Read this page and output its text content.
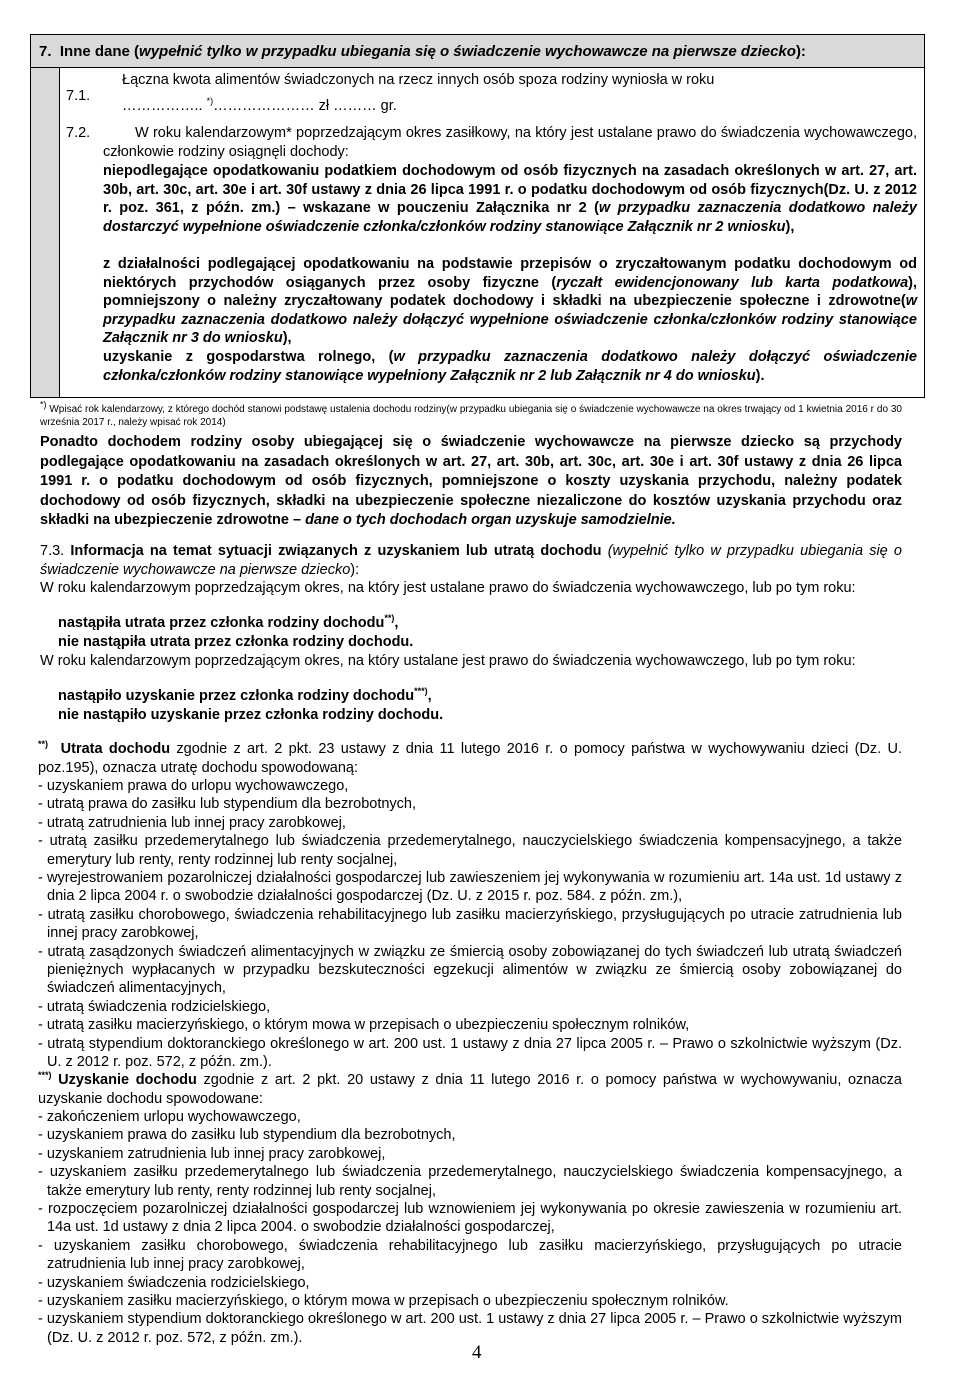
7. Inne dane (wypełnić tylko w przypadku ubiegania się o świadczenie wychowawcze na pierwsze dziecko):
7.1.
Łączna kwota alimentów świadczonych na rzecz innych osób spoza rodziny wyniosła w roku
…………….. *)………………… zł ……… gr.
7.2.	W roku kalendarzowym* poprzedzającym okres zasiłkowy, na który jest ustalane prawo do świadczenia wychowawczego, członkowie rodziny osiągnęli dochody:
niepodlegające opodatkowaniu podatkiem dochodowym od osób fizycznych na zasadach określonych w art. 27, art. 30b, art. 30c, art. 30e i art. 30f ustawy z dnia 26 lipca 1991 r. o podatku dochodowym od osób fizycznych(Dz. U. z 2012 r. poz. 361, z późn. zm.) – wskazane w pouczeniu Załącznika nr 2 (w przypadku zaznaczenia dodatkowo należy dostarczyć wypełnione oświadczenie członka/członków rodziny stanowiące Załącznik nr 2 wniosku),
z działalności podlegającej opodatkowaniu na podstawie przepisów o zryczałtowanym podatku dochodowym od niektórych przychodów osiąganych przez osoby fizyczne (ryczałt ewidencjonowany lub karta podatkowa), pomniejszony o należny zryczałtowany podatek dochodowy i składki na ubezpieczenie społeczne i zdrowotne(w przypadku zaznaczenia dodatkowo należy dołączyć wypełnione oświadczenie członka/członków rodziny stanowiące Załącznik nr 3 do wniosku),
uzyskanie z gospodarstwa rolnego, (w przypadku zaznaczenia dodatkowo należy dołączyć oświadczenie członka/członków rodziny stanowiące wypełniony Załącznik nr 2 lub Załącznik nr 4 do wniosku).
*) Wpisać rok kalendarzowy, z którego dochód stanowi podstawę ustalenia dochodu rodziny(w przypadku ubiegania się o świadczenie wychowawcze na okres trwający od 1 kwietnia 2016 r do 30 września 2017 r., należy wpisać rok 2014)
Ponadto dochodem rodziny osoby ubiegającej się o świadczenie wychowawcze na pierwsze dziecko są przychody podlegające opodatkowaniu na zasadach określonych w art. 27, art. 30b, art. 30c, art. 30e i art. 30f ustawy z dnia 26 lipca 1991 r. o podatku dochodowym od osób fizycznych, pomniejszone o koszty uzyskania przychodu, należny podatek dochodowy od osób fizycznych, składki na ubezpieczenie społeczne niezaliczone do kosztów uzyskania przychodu oraz składki na ubezpieczenie zdrowotne – dane o tych dochodach organ uzyskuje samodzielnie.
7.3. Informacja na temat sytuacji związanych z uzyskaniem lub utratą dochodu (wypełnić tylko w przypadku ubiegania się o świadczenie wychowawcze na pierwsze dziecko):
W roku kalendarzowym poprzedzającym okres, na który jest ustalane prawo do świadczenia wychowawczego, lub po tym roku:
nastąpiła utrata przez członka rodziny dochodu**),
nie nastąpiła utrata przez członka rodziny dochodu.
W roku kalendarzowym poprzedzającym okres, na który ustalane jest prawo do świadczenia wychowawczego, lub po tym roku:
nastąpiło uzyskanie przez członka rodziny dochodu***),
nie nastąpiło uzyskanie przez członka rodziny dochodu.
**) Utrata dochodu zgodnie z art. 2 pkt. 23 ustawy z dnia 11 lutego 2016 r. o pomocy państwa w wychowywaniu dzieci (Dz. U. poz.195), oznacza utratę dochodu spowodowaną:
- uzyskaniem prawa do urlopu wychowawczego,
- utratą prawa do zasiłku lub stypendium dla bezrobotnych,
- utratą zatrudnienia lub innej pracy zarobkowej,
- utratą zasiłku przedemerytalnego lub świadczenia przedemerytalnego, nauczycielskiego świadczenia kompensacyjnego, a także emerytury lub renty, renty rodzinnej lub renty socjalnej,
- wyrejestrowaniem pozarolniczej działalności gospodarczej lub zawieszeniem jej wykonywania w rozumieniu art. 14a ust. 1d ustawy z dnia 2 lipca 2004 r. o swobodzie działalności gospodarczej (Dz. U. z 2015 r. poz. 584. z późn. zm.),
- utratą zasiłku chorobowego, świadczenia rehabilitacyjnego lub zasiłku macierzyńskiego, przysługujących po utracie zatrudnienia lub innej pracy zarobkowej,
- utratą zasądzonych świadczeń alimentacyjnych w związku ze śmiercią osoby zobowiązanej do tych świadczeń lub utratą świadczeń pieniężnych wypłacanych w przypadku bezskuteczności egzekucji alimentów w związku ze śmiercią osoby zobowiązanej do świadczeń alimentacyjnych,
- utratą świadczenia rodzicielskiego,
- utratą zasiłku macierzyńskiego, o którym mowa w przepisach o ubezpieczeniu społecznym rolników,
- utratą stypendium doktoranckiego określonego w art. 200 ust. 1 ustawy z dnia 27 lipca 2005 r. – Prawo o szkolnictwie wyższym (Dz. U. z 2012 r. poz. 572, z późn. zm.).
***) Uzyskanie dochodu zgodnie z art. 2 pkt. 20 ustawy z dnia 11 lutego 2016 r. o pomocy państwa w wychowywaniu, oznacza uzyskanie dochodu spowodowane:
- zakończeniem urlopu wychowawczego,
- uzyskaniem prawa do zasiłku lub stypendium dla bezrobotnych,
- uzyskaniem zatrudnienia lub innej pracy zarobkowej,
- uzyskaniem zasiłku przedemerytalnego lub świadczenia przedemerytalnego, nauczycielskiego świadczenia kompensacyjnego, a także emerytury lub renty, renty rodzinnej lub renty socjalnej,
- rozpoczęciem pozarolniczej działalności gospodarczej lub wznowieniem jej wykonywania po okresie zawieszenia w rozumieniu art. 14a ust. 1d ustawy z dnia 2 lipca 2004. o swobodzie działalności gospodarczej,
- uzyskaniem zasiłku chorobowego, świadczenia rehabilitacyjnego lub zasiłku macierzyńskiego, przysługujących po utracie zatrudnienia lub innej pracy zarobkowej,
- uzyskaniem świadczenia rodzicielskiego,
- uzyskaniem zasiłku macierzyńskiego, o którym mowa w przepisach o ubezpieczeniu społecznym rolników.
- uzyskaniem stypendium doktoranckiego określonego w art. 200 ust. 1 ustawy z dnia 27 lipca 2005 r. – Prawo o szkolnictwie wyższym (Dz. U. z 2012 r. poz. 572, z późn. zm.).
4
